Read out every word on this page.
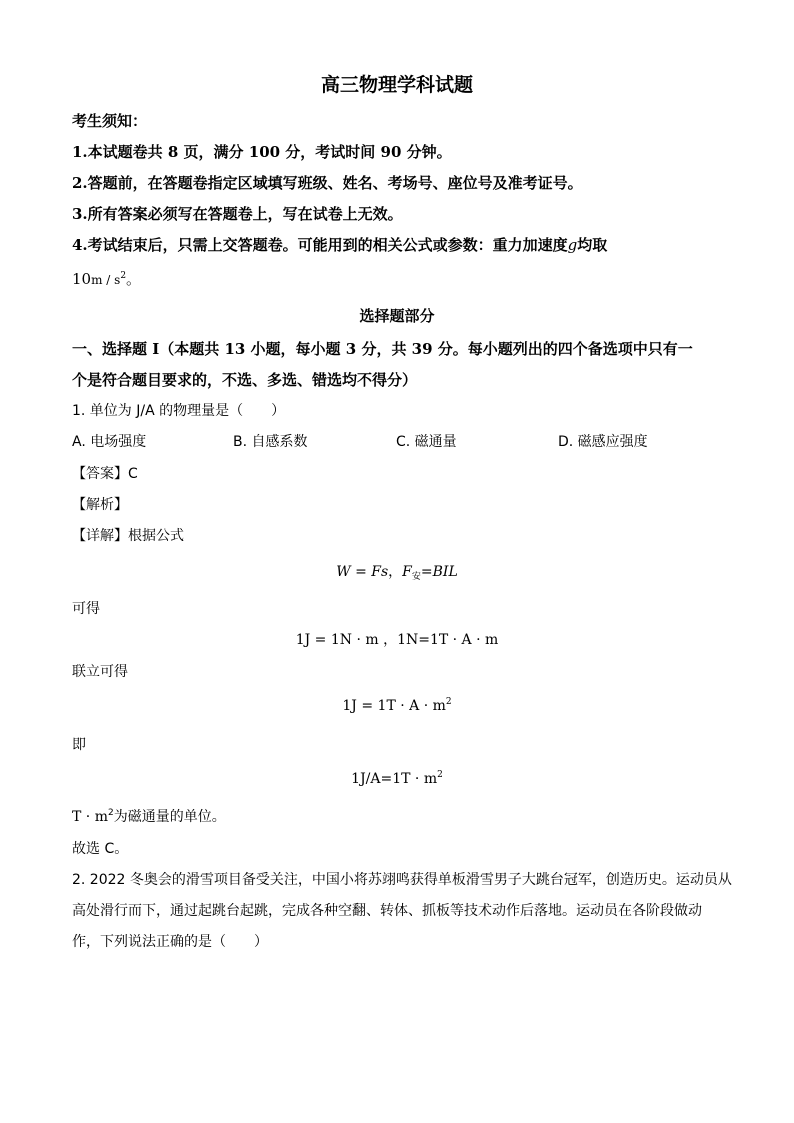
高三物理学科试题
考生须知：
1.本试题卷共 8 页，满分 100 分，考试时间 90 分钟。
2.答题前，在答题卷指定区域填写班级、姓名、考场号、座位号及准考证号。
3.所有答案必须写在答题卷上，写在试卷上无效。
4.考试结束后，只需上交答题卷。可能用到的相关公式或参数：重力加速度g均取
$10m / s^2$。
选择题部分
一、选择题 I（本题共 13 小题，每小题 3 分，共 39 分。每小题列出的四个备选项中只有一
个是符合题目要求的，不选、多选、错选均不得分）
1. 单位为 J/A 的物理量是（　　）
A. 电场强度	B. 自感系数	C. 磁通量	D. 磁感应强度
【答案】C
【解析】
【详解】根据公式
W = Fs，$F_安=BIL$
可得
1J = 1N · m ，1N=1T · A · m
联立可得
$1J = 1T \cdot A \cdot m^2$
即
$1J/A=1T \cdot m^2$
$T \cdot m^2$为磁通量的单位。
故选 C。
2. 2022 冬奥会的滑雪项目备受关注，中国小将苏翊鸣获得单板滑雪男子大跳台冠军，创造历史。运动员从
高处滑行而下，通过起跳台起跳，完成各种空翻、转体、抓板等技术动作后落地。运动员在各阶段做动
作，下列说法正确的是（　　）
